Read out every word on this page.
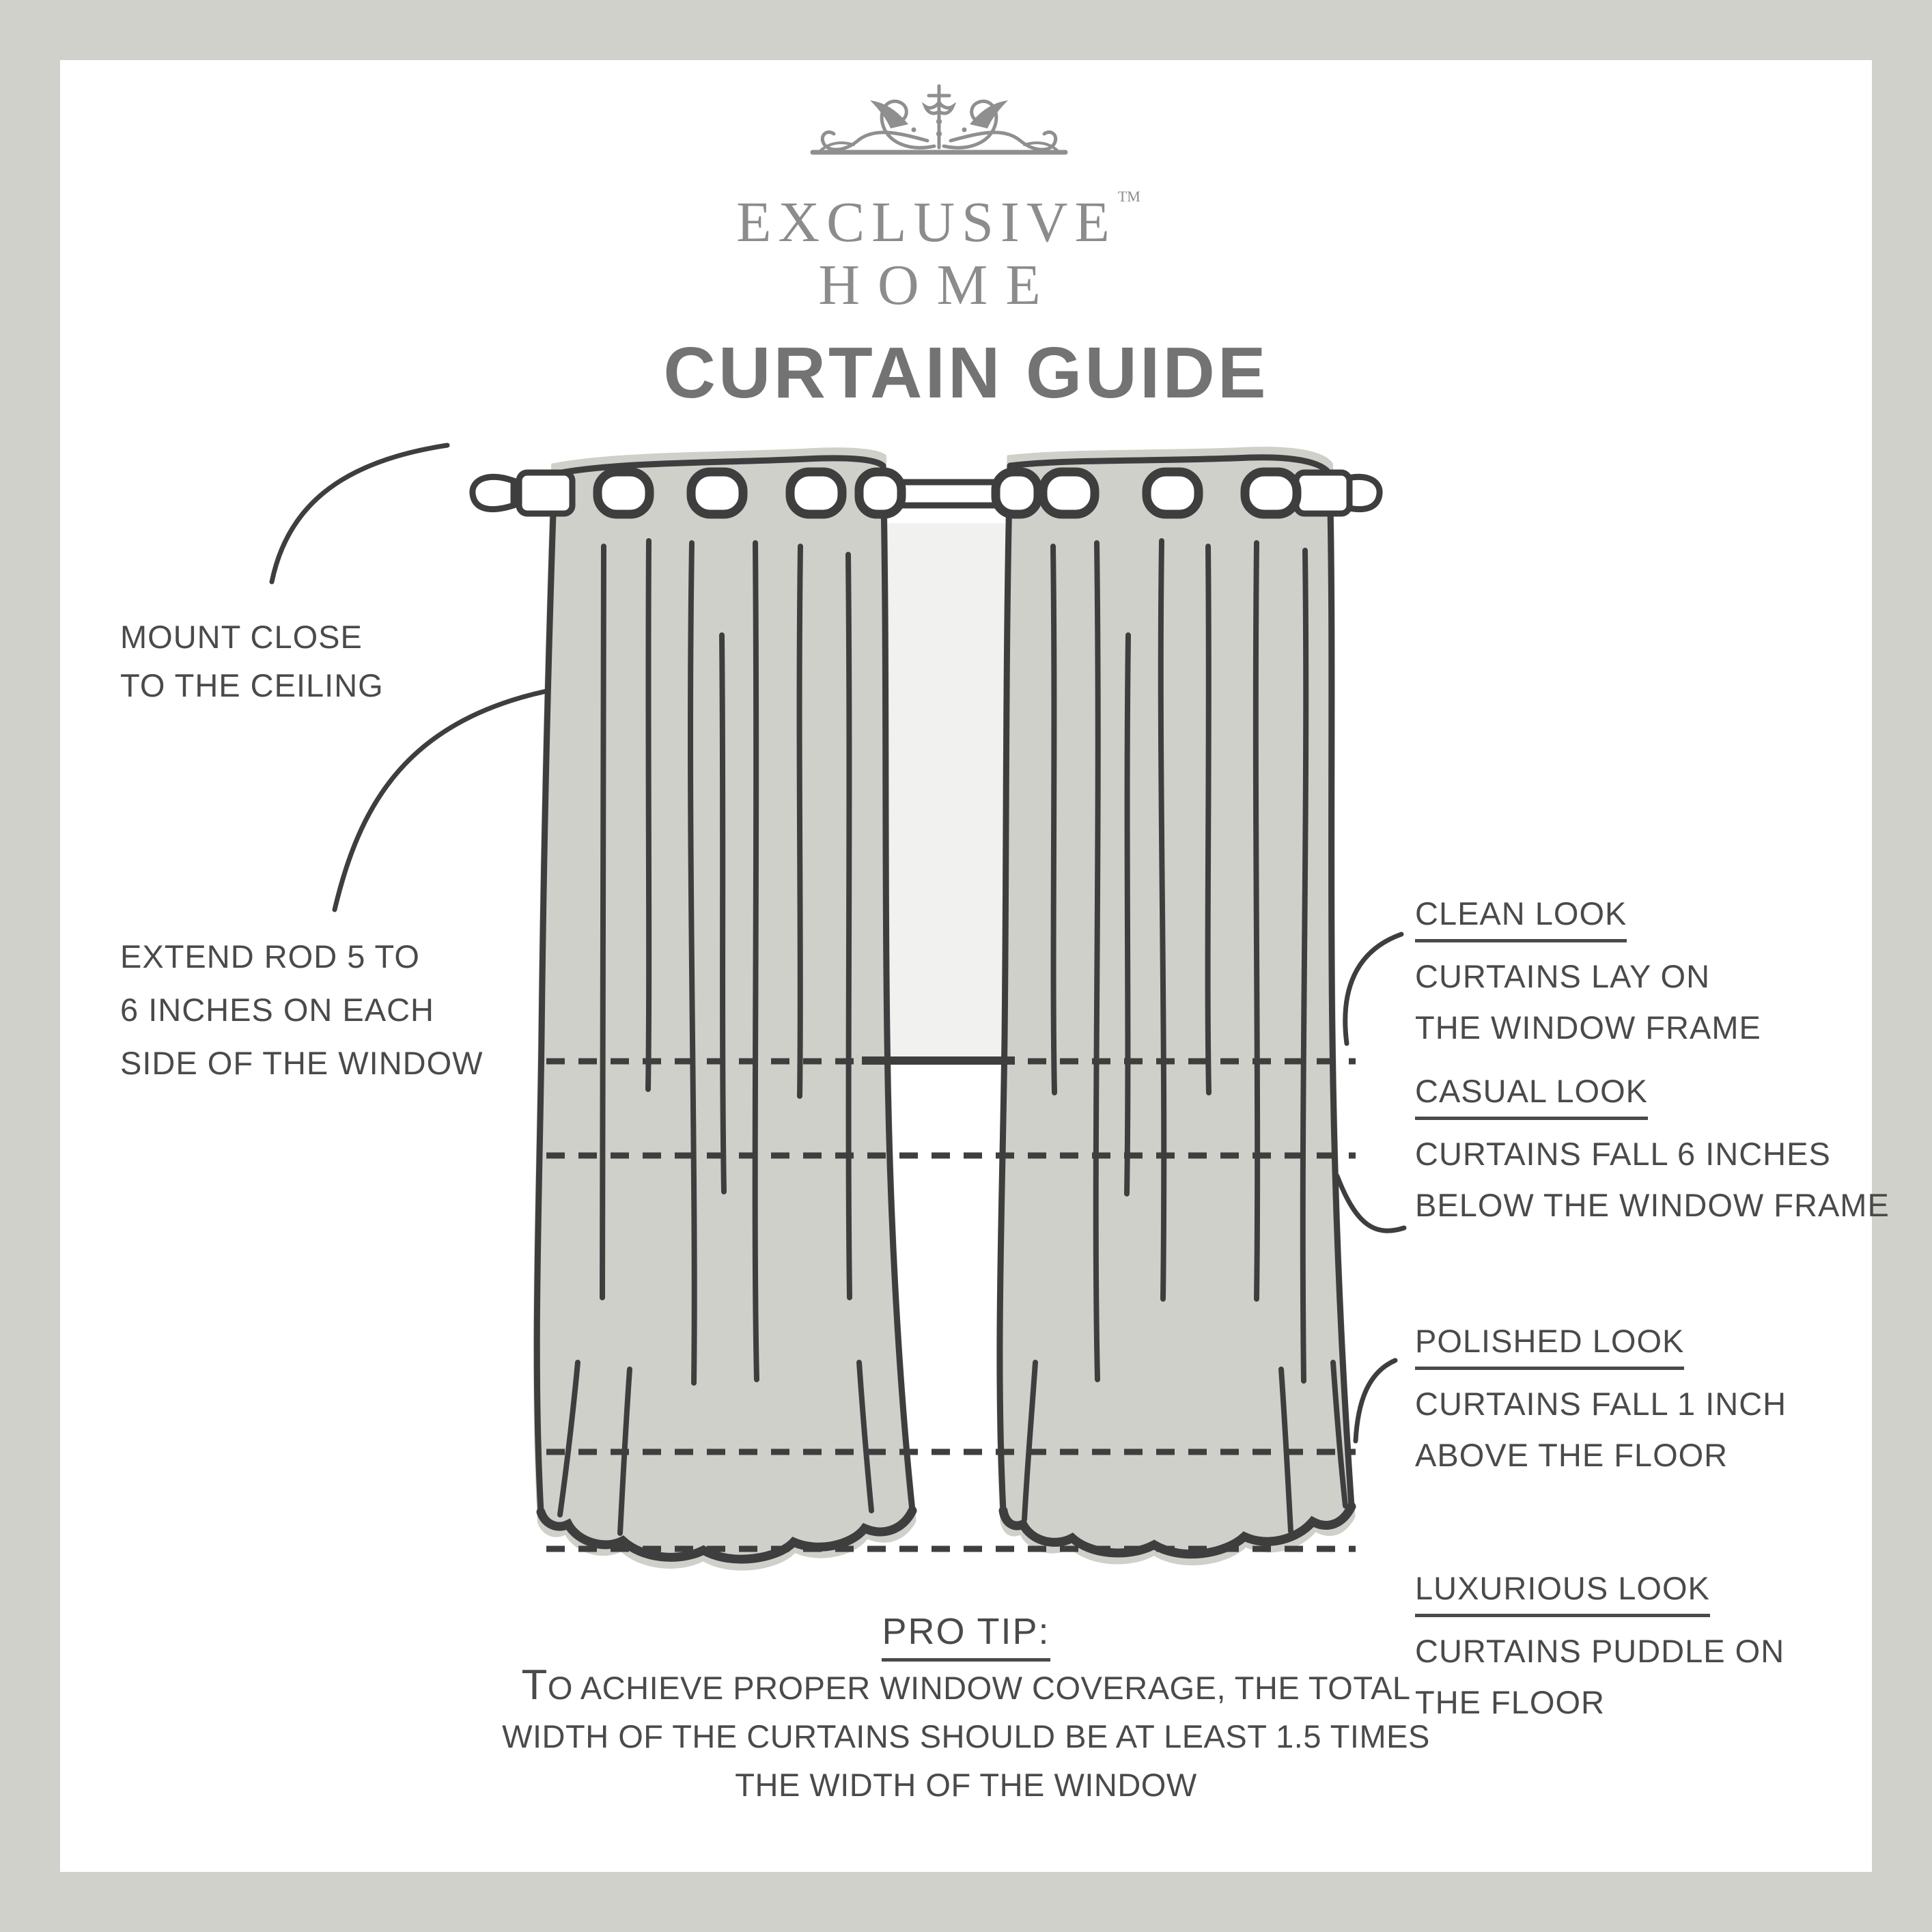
EXCLUSIVE™
HOME
CURTAIN GUIDE
MOUNT CLOSE
TO THE CEILING
EXTEND ROD 5 TO
6 INCHES ON EACH
SIDE OF THE WINDOW
CLEAN LOOK
CURTAINS LAY ON
THE WINDOW FRAME
CASUAL LOOK
CURTAINS FALL 6 INCHES
BELOW THE WINDOW FRAME
POLISHED LOOK
CURTAINS FALL 1 INCH
ABOVE THE FLOOR
LUXURIOUS LOOK
CURTAINS PUDDLE ON
THE FLOOR
PRO TIP:
TO ACHIEVE PROPER WINDOW COVERAGE, THE TOTAL
WIDTH OF THE CURTAINS SHOULD BE AT LEAST 1.5 TIMES
THE WIDTH OF THE WINDOW
